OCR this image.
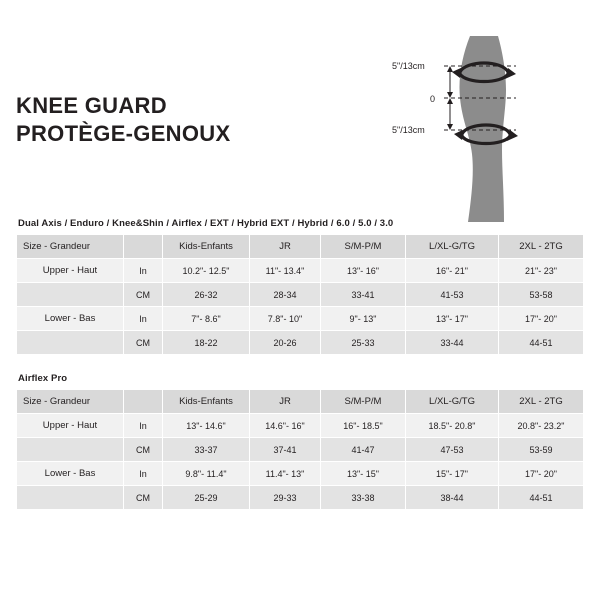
KNEE GUARD
PROTÈGE-GENOUX
5"/13cm
0
5"/13cm
Dual Axis / Enduro / Knee&Shin / Airflex / EXT / Hybrid EXT / Hybrid / 6.0 / 5.0 / 3.0
Size - Grandeur		Kids-Enfants	JR	S/M-P/M	L/XL-G/TG	2XL - 2TG
Upper - Haut	In	10.2"- 12.5"	11"- 13.4"	13"- 16"	16"- 21"	21"- 23"
	CM	26-32	28-34	33-41	41-53	53-58
Lower - Bas	In	7"- 8.6"	7.8"- 10"	9"- 13"	13"- 17"	17"- 20"
	CM	18-22	20-26	25-33	33-44	44-51
Airflex Pro
Size - Grandeur		Kids-Enfants	JR	S/M-P/M	L/XL-G/TG	2XL - 2TG
Upper - Haut	In	13"- 14.6"	14.6"- 16"	16"- 18.5"	18.5"- 20.8"	20.8"- 23.2"
	CM	33-37	37-41	41-47	47-53	53-59
Lower - Bas	In	9.8"- 11.4"	11.4"- 13"	13"- 15"	15"- 17"	17"- 20"
	CM	25-29	29-33	33-38	38-44	44-51
